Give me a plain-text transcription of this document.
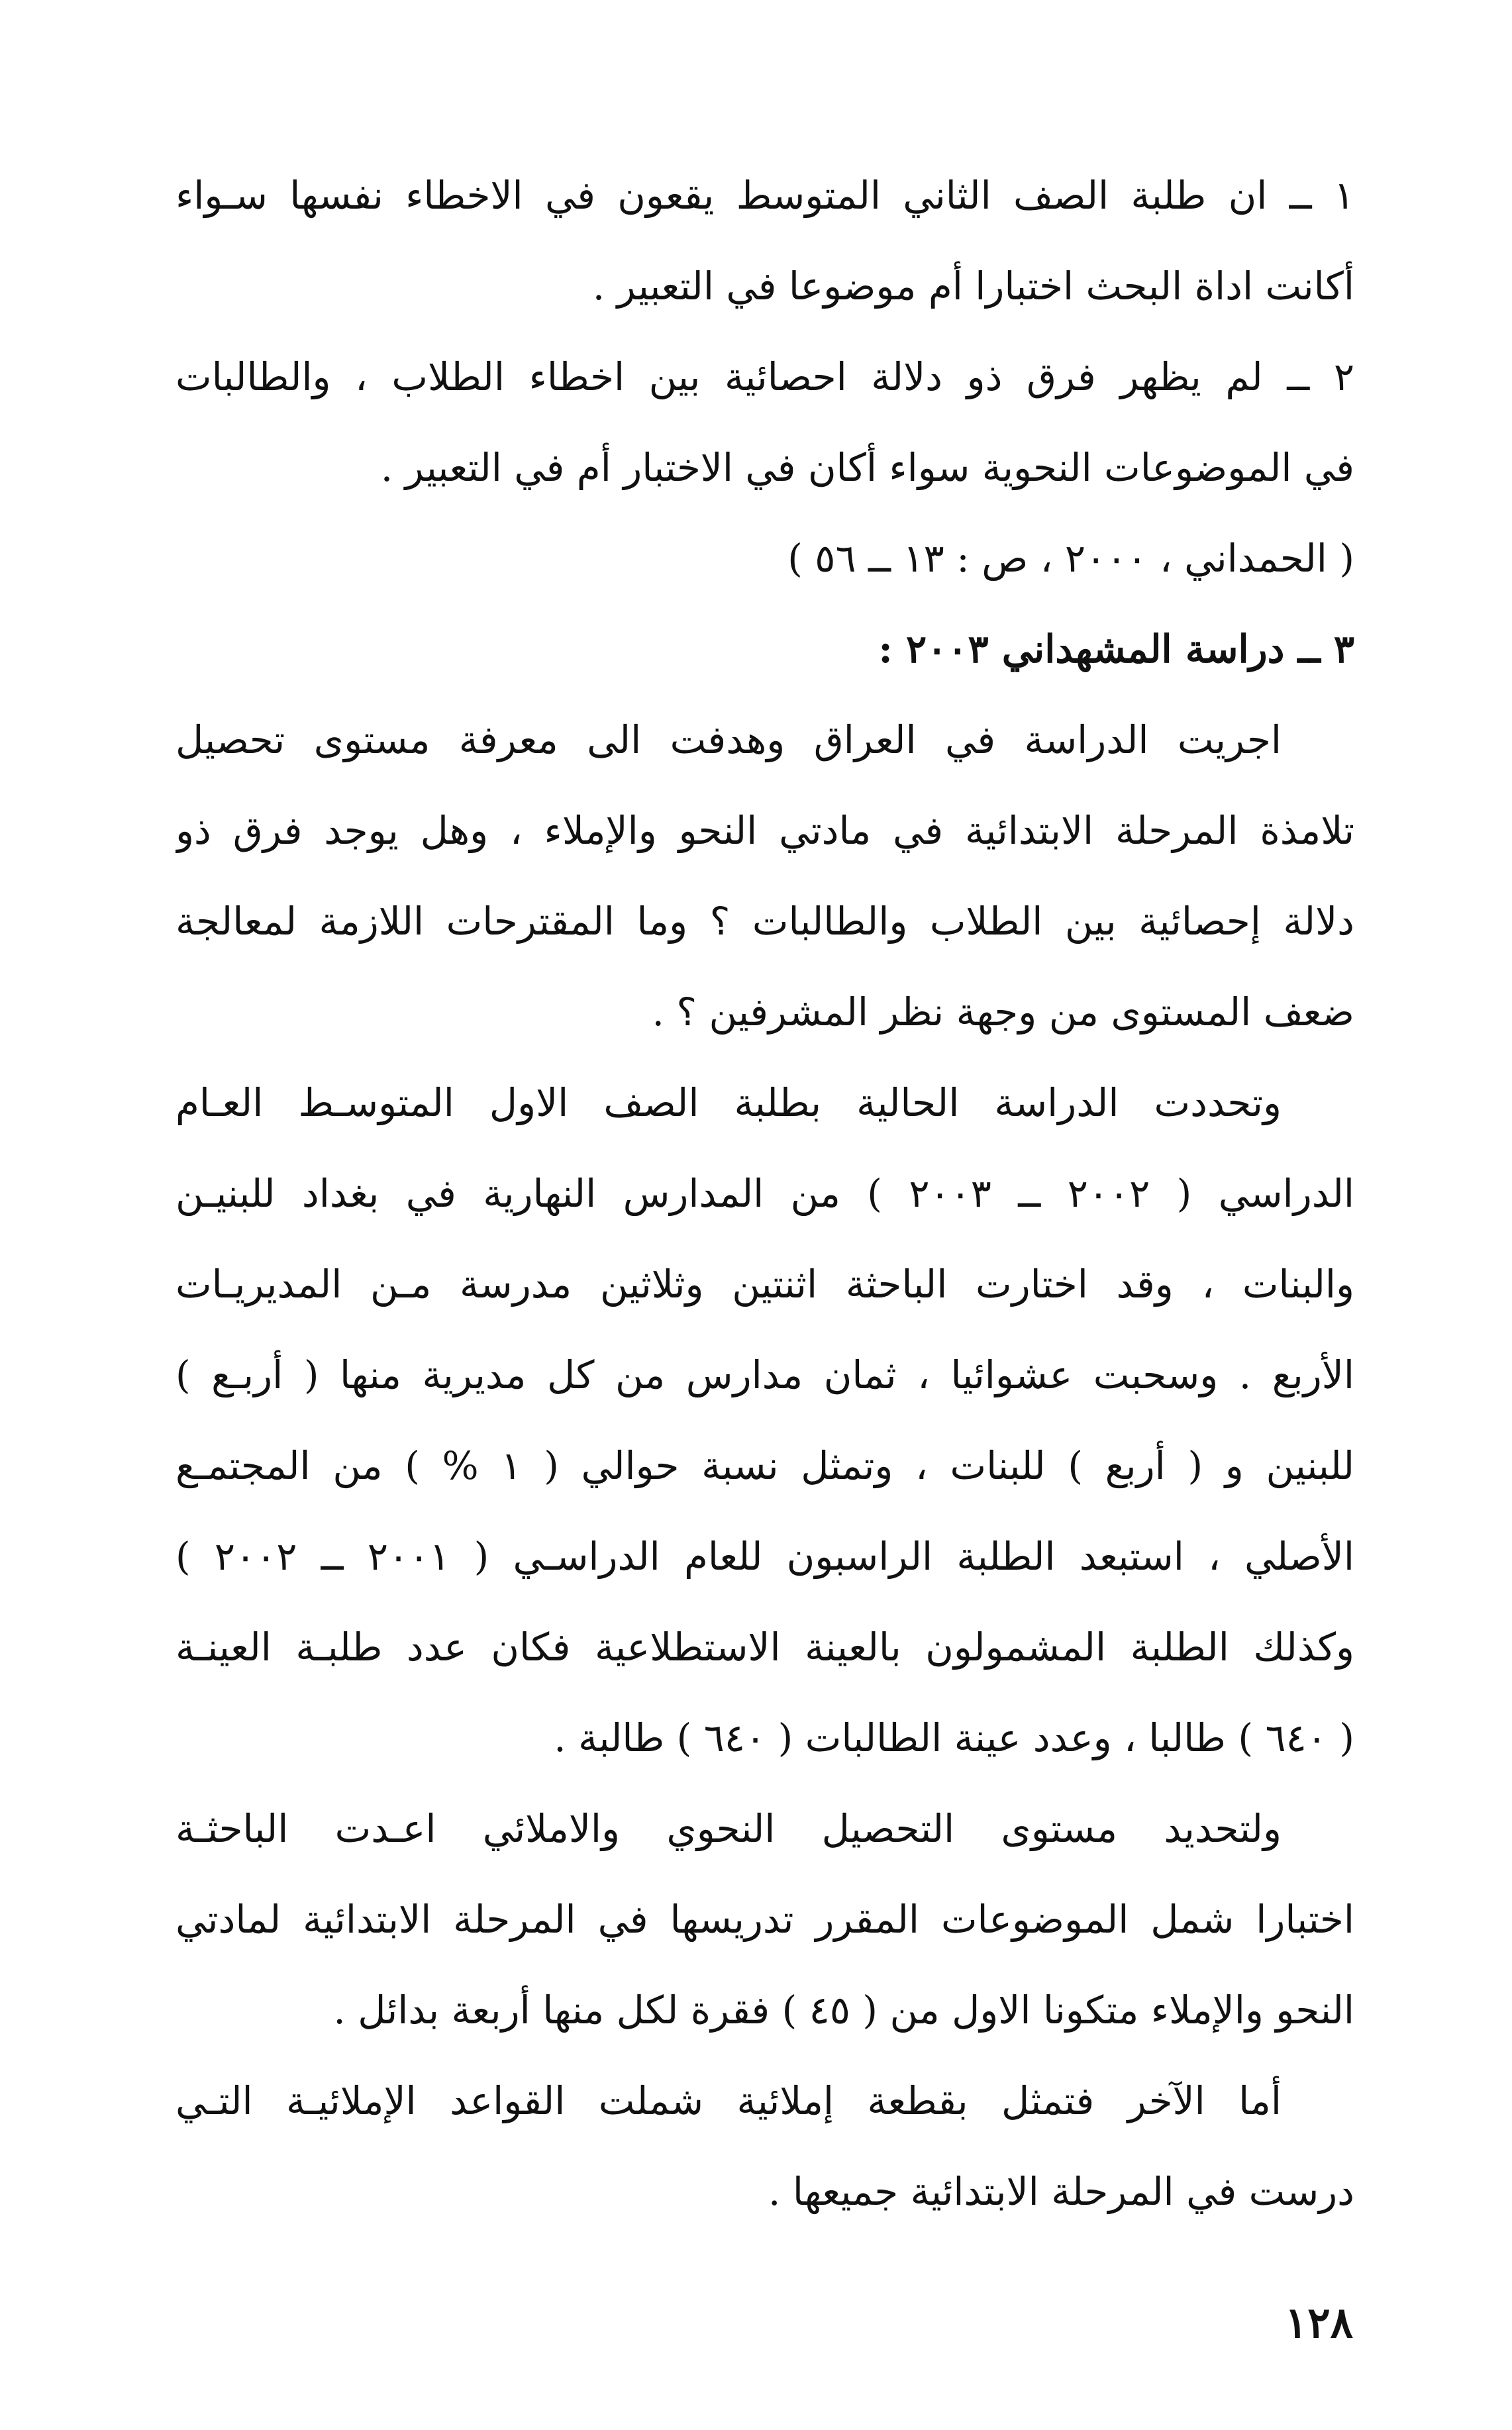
١ ــ ان طلبة الصف الثاني المتوسط يقعون في الاخطاء نفسها سـواء
أكانت اداة البحث اختبارا أم موضوعا في التعبير .
٢ ــ لم يظهر فرق ذو دلالة احصائية بين اخطاء الطلاب ، والطالبات
في الموضوعات النحوية سواء أكان في الاختبار أم في التعبير .
( الحمداني ، ٢٠٠٠ ، ص : ١٣ ــ ٥٦ )
٣ ــ دراسة المشهداني ٢٠٠٣ :
اجريت الدراسة في العراق وهدفت الى معرفة مستوى تحصيل
تلامذة المرحلة الابتدائية في مادتي النحو والإملاء ، وهل يوجد فرق ذو
دلالة إحصائية بين الطلاب والطالبات ؟ وما المقترحات اللازمة لمعالجة
ضعف المستوى من وجهة نظر المشرفين ؟ .
وتحددت الدراسة الحالية بطلبة الصف الاول المتوسـط العـام
الدراسي ( ٢٠٠٢ ــ ٢٠٠٣ ) من المدارس النهارية في بغداد للبنيـن
والبنات ، وقد اختارت الباحثة اثنتين وثلاثين مدرسة مـن المديريـات
الأربع . وسحبت عشوائيا ، ثمان مدارس من كل مديرية منها ( أربـع )
للبنين و ( أربع ) للبنات ، وتمثل نسبة حوالي ( ١ % ) من المجتمـع
الأصلي ، استبعد الطلبة الراسبون للعام الدراسـي ( ٢٠٠١ ــ ٢٠٠٢ )
وكذلك الطلبة المشمولون بالعينة الاستطلاعية فكان عدد طلبـة العينـة
( ٦٤٠ ) طالبا ، وعدد عينة الطالبات ( ٦٤٠ ) طالبة .
ولتحديد مستوى التحصيل النحوي والاملائي اعـدت الباحثـة
اختبارا شمل الموضوعات المقرر تدريسها في المرحلة الابتدائية لمادتي
النحو والإملاء متكونا الاول من ( ٤٥ ) فقرة لكل منها أربعة بدائل .
أما الآخر فتمثل بقطعة إملائية شملت القواعد الإملائيـة التـي
درست في المرحلة الابتدائية جميعها .
١٢٨
